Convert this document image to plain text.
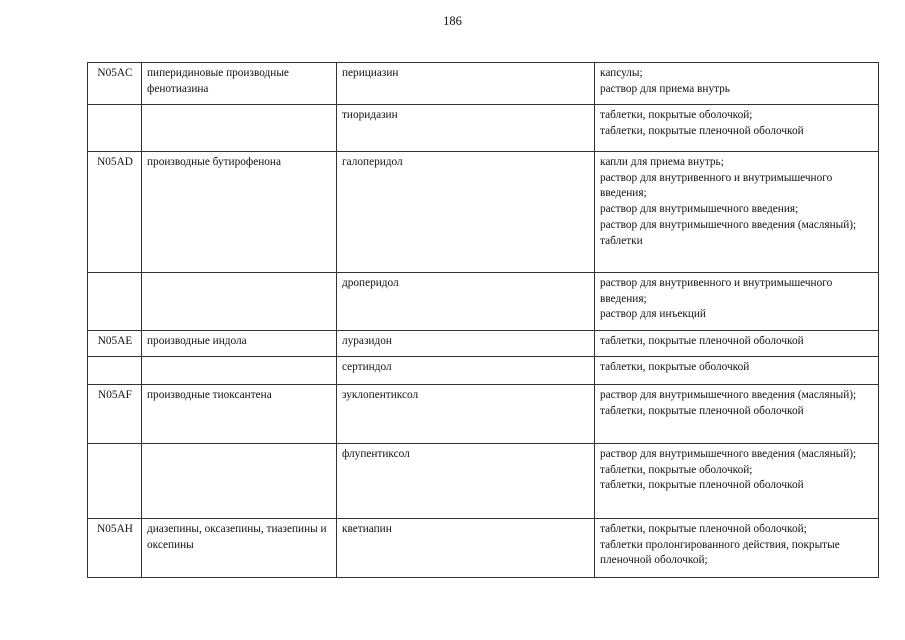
186
N05AC	пиперидиновые производные фенотиазина	перициазин	капсулы;
раствор для приема внутрь

		тиоридазин	таблетки, покрытые оболочкой;
таблетки, покрытые пленочной оболочкой

N05AD	производные бутирофенона	галоперидол	капли для приема внутрь;
раствор для внутривенного и внутримышечного введения;
раствор для внутримышечного введения;
раствор для внутримышечного введения (масляный);
таблетки

		дроперидол	раствор для внутривенного и внутримышечного введения;
раствор для инъекций

N05AE	производные индола	луразидон	таблетки, покрытые пленочной оболочкой

		сертиндол	таблетки, покрытые оболочкой

N05AF	производные тиоксантена	зуклопентиксол	раствор для внутримышечного введения (масляный);
таблетки, покрытые пленочной оболочкой

		флупентиксол	раствор для внутримышечного введения (масляный);
таблетки, покрытые оболочкой;
таблетки, покрытые пленочной оболочкой

N05AH	диазепины, оксазепины, тиазепины и оксепины	кветиапин	таблетки, покрытые пленочной оболочкой;
таблетки пролонгированного действия, покрытые пленочной оболочкой;
